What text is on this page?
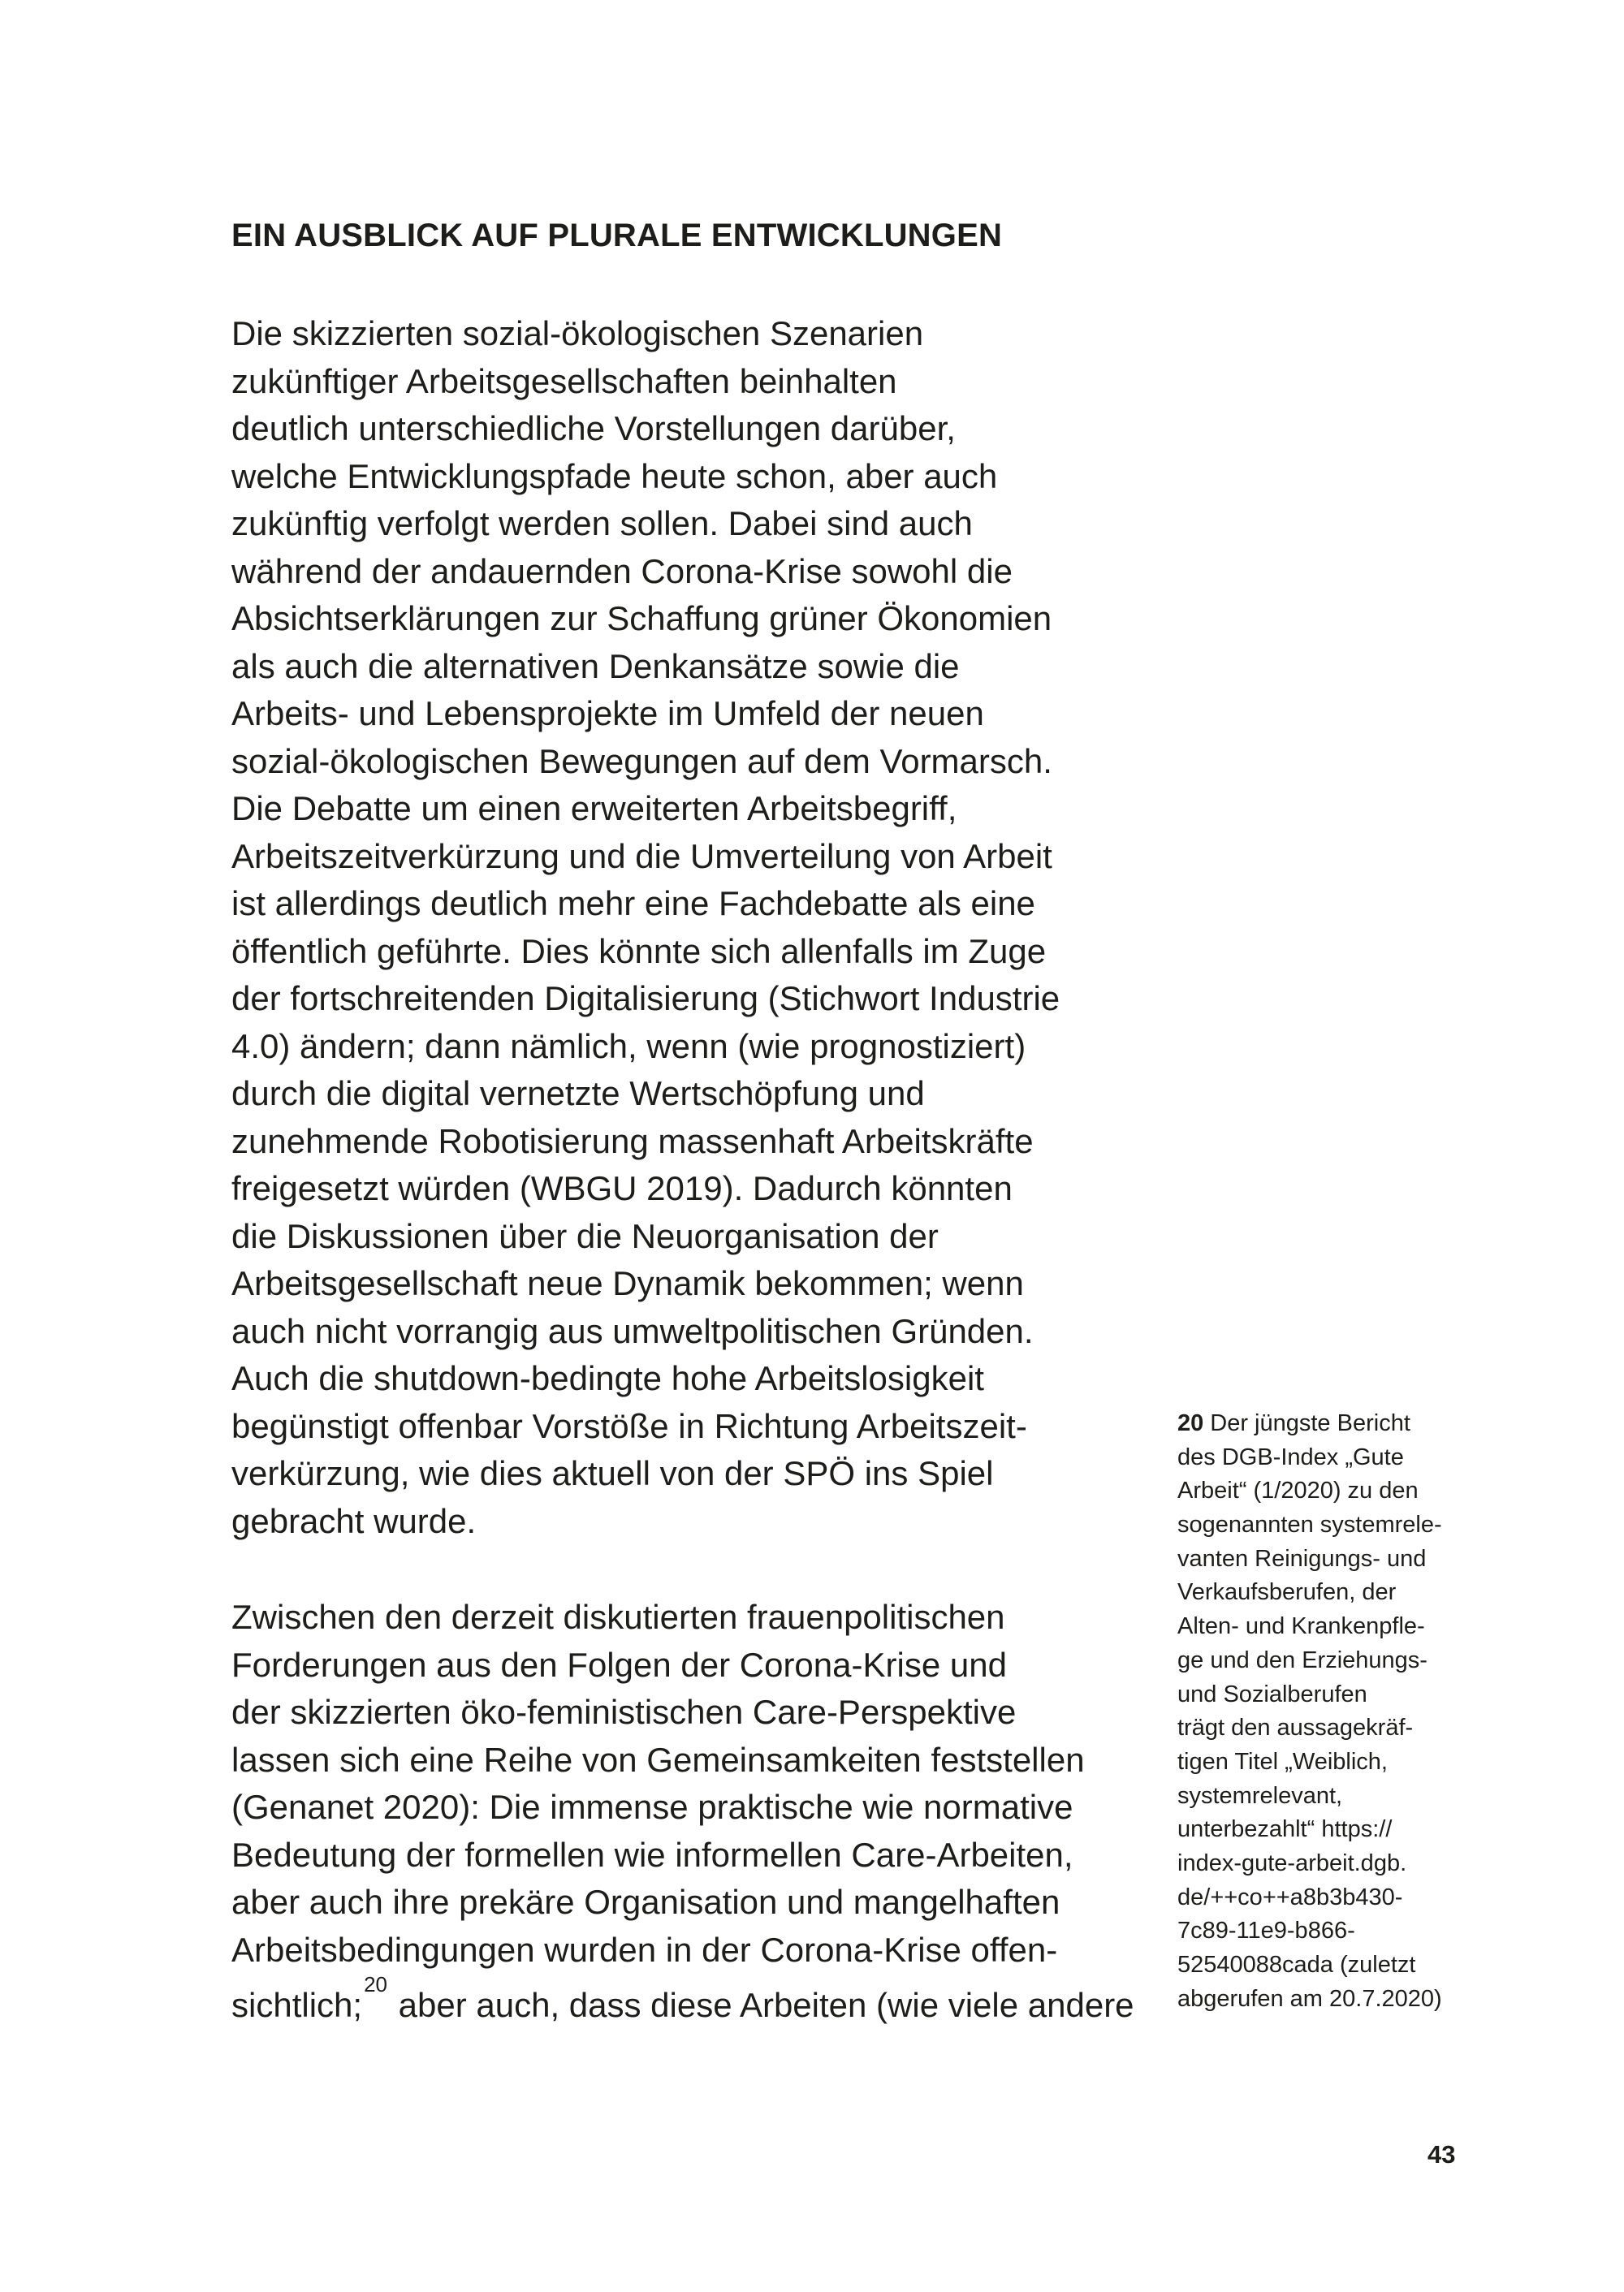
EIN AUSBLICK AUF PLURALE ENTWICKLUNGEN
Die skizzierten sozial-ökologischen Szenarien
zukünftiger Arbeitsgesellschaften beinhalten
deutlich unterschiedliche Vorstellungen darüber,
welche Entwicklungspfade heute schon, aber auch
zukünftig verfolgt werden sollen. Dabei sind auch
während der andauernden Corona-Krise sowohl die
Absichtserklärungen zur Schaffung grüner Ökonomien
als auch die alternativen Denkansätze sowie die
Arbeits- und Lebensprojekte im Umfeld der neuen
sozial-ökologischen Bewegungen auf dem Vormarsch.
Die Debatte um einen erweiterten Arbeitsbegriff,
Arbeitszeitverkürzung und die Umverteilung von Arbeit
ist allerdings deutlich mehr eine Fachdebatte als eine
öffentlich geführte. Dies könnte sich allenfalls im Zuge
der fortschreitenden Digitalisierung (Stichwort Industrie
4.0) ändern; dann nämlich, wenn (wie prognostiziert)
durch die digital vernetzte Wertschöpfung und
zunehmende Robotisierung massenhaft Arbeitskräfte
freigesetzt würden (WBGU 2019). Dadurch könnten
die Diskussionen über die Neuorganisation der
Arbeitsgesellschaft neue Dynamik bekommen; wenn
auch nicht vorrangig aus umweltpolitischen Gründen.
Auch die shutdown-bedingte hohe Arbeitslosigkeit
begünstigt offenbar Vorstöße in Richtung Arbeitszeit-
verkürzung, wie dies aktuell von der SPÖ ins Spiel
gebracht wurde.
Zwischen den derzeit diskutierten frauenpolitischen
Forderungen aus den Folgen der Corona-Krise und
der skizzierten öko-feministischen Care-Perspektive
lassen sich eine Reihe von Gemeinsamkeiten feststellen
(Genanet 2020): Die immense praktische wie normative
Bedeutung der formellen wie informellen Care-Arbeiten,
aber auch ihre prekäre Organisation und mangelhaften
Arbeitsbedingungen wurden in der Corona-Krise offen-
sichtlich;$^{20}$ aber auch, dass diese Arbeiten (wie viele andere
20 Der jüngste Bericht
des DGB-Index „Gute
Arbeit“ (1/2020) zu den
sogenannten systemrele-
vanten Reinigungs- und
Verkaufsberufen, der
Alten- und Krankenpfle-
ge und den Erziehungs-
und Sozialberufen
trägt den aussagekräf-
tigen Titel „Weiblich,
systemrelevant,
unterbezahlt“ https://
index-gute-arbeit.dgb.
de/++co++a8b3b430-
7c89-11e9-b866-
52540088cada (zuletzt
abgerufen am 20.7.2020)
43
